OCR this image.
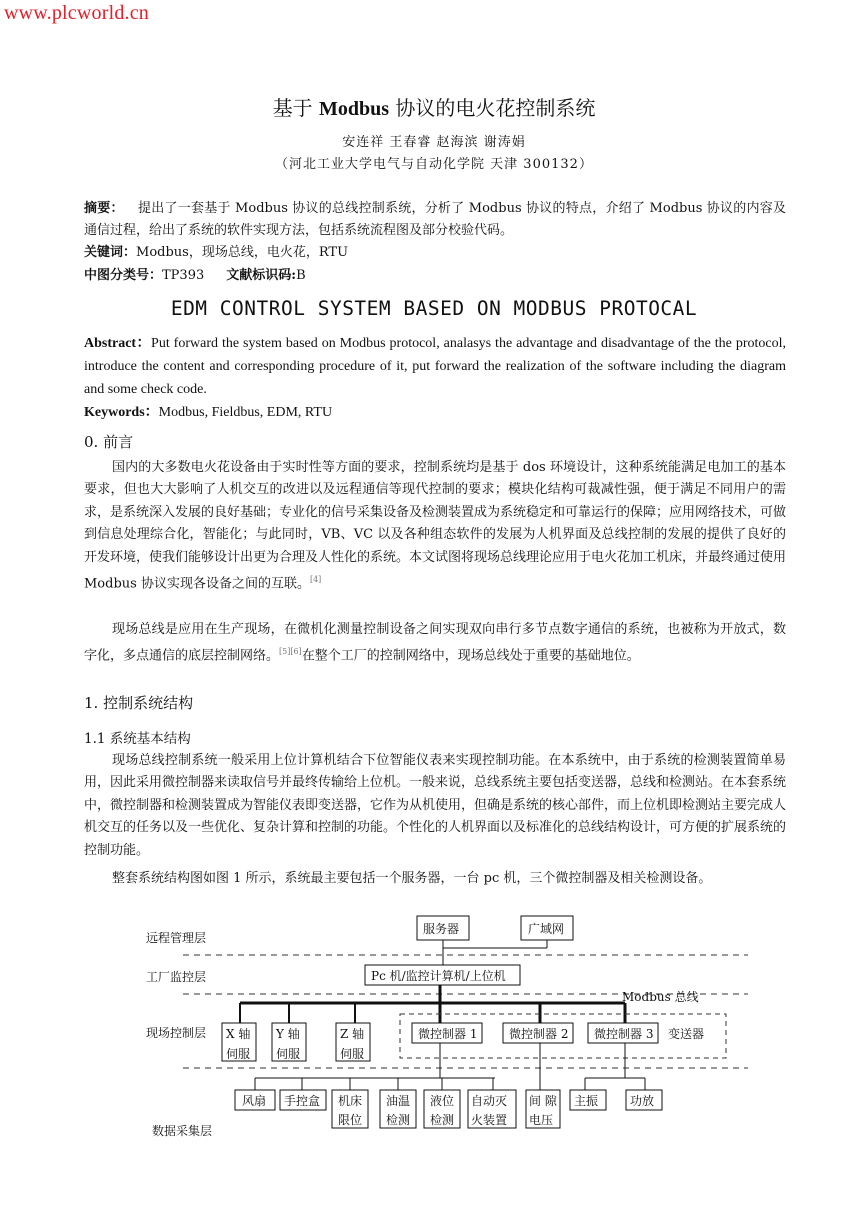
www.plcworld.cn
基于 Modbus 协议的电火花控制系统
安连祥 王春睿 赵海滨 谢涛娟
（河北工业大学电气与自动化学院 天津 300132）
摘要： 提出了一套基于 Modbus 协议的总线控制系统，分析了 Modbus 协议的特点，介绍了 Modbus 协议的内容及通信过程，给出了系统的软件实现方法，包括系统流程图及部分校验代码。
关键词：Modbus，现场总线，电火花，RTU
中图分类号：TP393 文献标识码:B
EDM CONTROL SYSTEM BASED ON MODBUS PROTOCAL
Abstract：Put forward the system based on Modbus protocol, analasys the advantage and disadvantage of the the protocol, introduce the content and corresponding procedure of it, put forward the realization of the software including the diagram and some check code.
Keywords：Modbus, Fieldbus, EDM, RTU
0. 前言
国内的大多数电火花设备由于实时性等方面的要求，控制系统均是基于 dos 环境设计，这种系统能满足电加工的基本要求，但也大大影响了人机交互的改进以及远程通信等现代控制的要求；模块化结构可裁减性强，便于满足不同用户的需求，是系统深入发展的良好基础；专业化的信号采集设备及检测装置成为系统稳定和可靠运行的保障；应用网络技术，可做到信息处理综合化，智能化；与此同时，VB、VC 以及各种组态软件的发展为人机界面及总线控制的发展的提供了良好的开发环境，使我们能够设计出更为合理及人性化的系统。本文试图将现场总线理论应用于电火花加工机床，并最终通过使用 Modbus 协议实现各设备之间的互联。[4]
现场总线是应用在生产现场，在微机化测量控制设备之间实现双向串行多节点数字通信的系统，也被称为开放式，数字化，多点通信的底层控制网络。[5][6]在整个工厂的控制网络中，现场总线处于重要的基础地位。
1. 控制系统结构
1.1 系统基本结构
现场总线控制系统一般采用上位计算机结合下位智能仪表来实现控制功能。在本系统中，由于系统的检测装置简单易用，因此采用微控制器来读取信号并最终传输给上位机。一般来说，总线系统主要包括变送器，总线和检测站。在本套系统中，微控制器和检测装置成为智能仪表即变送器，它作为从机使用，但确是系统的核心部件，而上位机即检测站主要完成人机交互的任务以及一些优化、复杂计算和控制的功能。个性化的人机界面以及标准化的总线结构设计，可方便的扩展系统的控制功能。
整套系统结构图如图 1 所示，系统最主要包括一个服务器，一台 pc 机，三个微控制器及相关检测设备。
远程管理层
工厂监控层
现场控制层
数据采集层
服务器	广域网
Pc 机/监控计算机/上位机
Modbus 总线
X 轴
伺服
Y 轴
伺服
Z 轴
伺服
微控制器 1	微控制器 2 微控制器 3 变送器
风扇 手控盒 机床
限位
油温
检测
液位
检测
自动灭
火装置
间 隙
电压
主振	功放
